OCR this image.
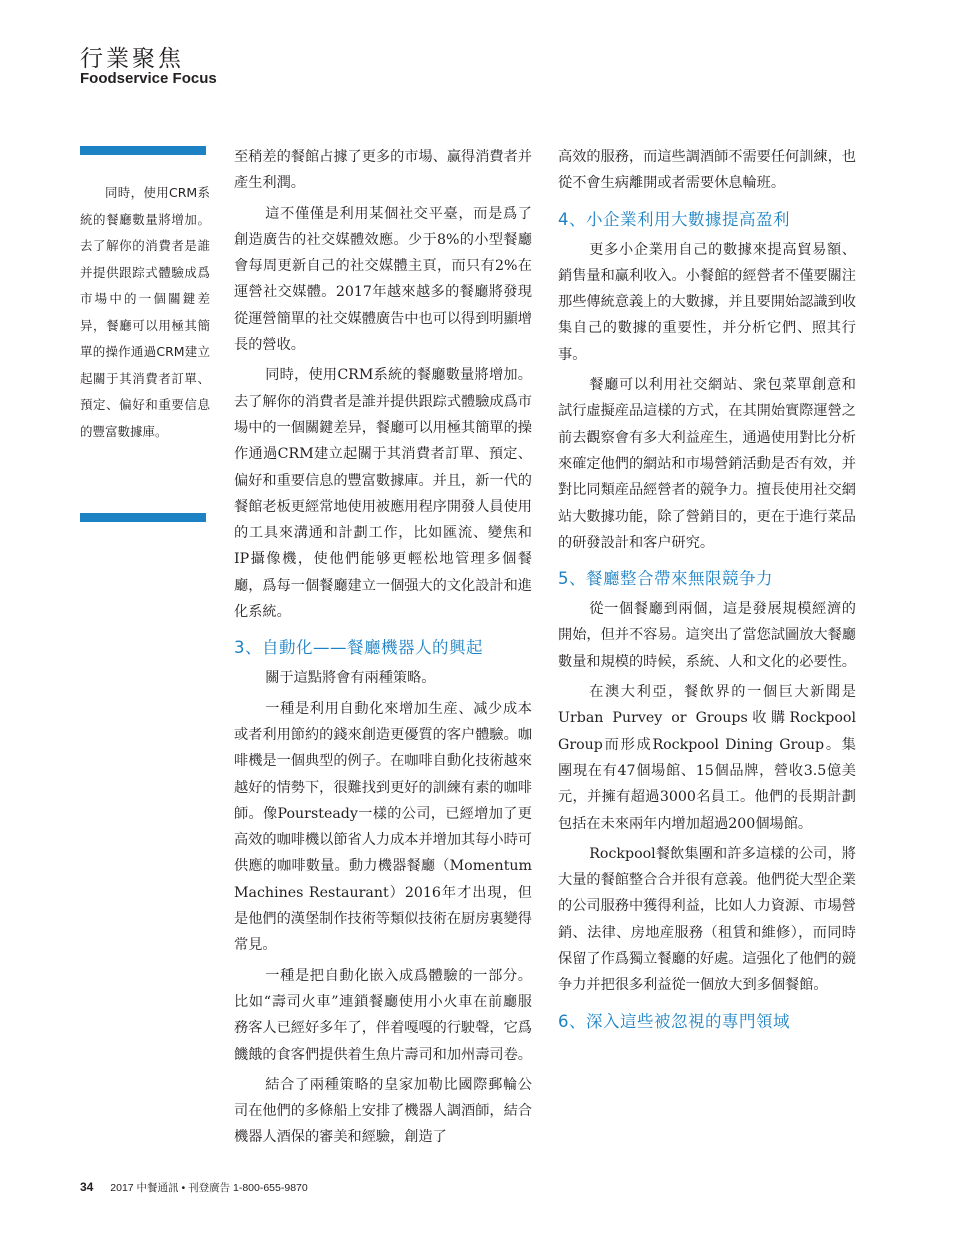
行業聚焦
Foodservice Focus

同時，使用CRM系統的餐廳數量將增加。去了解你的消費者是誰并提供跟踪式體驗成爲市場中的一個關鍵差异，餐廳可以用極其簡單的操作通過CRM建立起關于其消費者訂單、預定、偏好和重要信息的豐富數據庫。

至稍差的餐館占據了更多的市場、赢得消費者并產生利潤。

這不僅僅是利用某個社交平臺，而是爲了創造廣告的社交媒體效應。少于8%的小型餐廳會每周更新自己的社交媒體主頁，而只有2%在運營社交媒體。2017年越來越多的餐廳將發現從運營簡單的社交媒體廣告中也可以得到明顯增長的營收。

同時，使用CRM系統的餐廳數量將增加。去了解你的消費者是誰并提供跟踪式體驗成爲市場中的一個關鍵差异，餐廳可以用極其簡單的操作通過CRM建立起關于其消費者訂單、預定、偏好和重要信息的豐富數據庫。并且，新一代的餐館老板更經常地使用被應用程序開發人員使用的工具來溝通和計劃工作，比如匯流、變焦和IP攝像機，使他們能够更輕松地管理多個餐廳，爲每一個餐廳建立一個强大的文化設計和進化系統。

3、自動化——餐廳機器人的興起

關于這點將會有兩種策略。

一種是利用自動化來增加生産、减少成本或者利用節約的錢來創造更優質的客户體驗。咖啡機是一個典型的例子。在咖啡自動化技術越來越好的情勢下，很難找到更好的訓練有素的咖啡師。像Poursteady一樣的公司，已經增加了更高效的咖啡機以節省人力成本并增加其每小時可供應的咖啡數量。動力機器餐廳（Momentum Machines Restaurant）2016年才出現，但是他們的漢堡制作技術等類似技術在厨房裏變得常見。

一種是把自動化嵌入成爲體驗的一部分。比如“壽司火車”連鎖餐廳使用小火車在前廳服務客人已經好多年了，伴着嘎嘎的行駛聲，它爲饑餓的食客們提供着生魚片壽司和加州壽司卷。

結合了兩種策略的皇家加勒比國際郵輪公司在他們的多條船上安排了機器人調酒師，結合機器人酒保的審美和經驗，創造了

高效的服務，而這些調酒師不需要任何訓練，也從不會生病離開或者需要休息輪班。

4、小企業利用大數據提高盈利

更多小企業用自己的數據來提高貿易額、銷售量和赢利收入。小餐館的經營者不僅要關注那些傳統意義上的大數據，并且要開始認識到收集自己的數據的重要性，并分析它們、照其行事。

餐廳可以利用社交網站、衆包菜單創意和試行虛擬産品這樣的方式，在其開始實際運營之前去觀察會有多大利益産生，通過使用對比分析來確定他們的網站和市場營銷活動是否有效，并對比同類産品經營者的競争力。擅長使用社交網站大數據功能，除了營銷目的，更在于進行菜品的研發設計和客户研究。

5、餐廳整合帶來無限競争力

從一個餐廳到兩個，這是發展規模經濟的開始，但并不容易。這突出了當您試圖放大餐廳數量和規模的時候，系統、人和文化的必要性。

在澳大利亞，餐飲界的一個巨大新聞是Urban Purvey or Groups收購Rockpool Group而形成Rockpool Dining Group。集團現在有47個場館、15個品牌，營收3.5億美元，并擁有超過3000名員工。他們的長期計劃包括在未來兩年内增加超過200個場館。

Rockpool餐飲集團和許多這樣的公司，將大量的餐館整合合并很有意義。他們從大型企業的公司服務中獲得利益，比如人力資源、市場營銷、法律、房地産服務（租賃和維修），而同時保留了作爲獨立餐廳的好處。這强化了他們的競争力并把很多利益從一個放大到多個餐館。

6、深入這些被忽視的專門領域
34 2017 中餐通訊 • 刊登廣告 1-800-655-9870
